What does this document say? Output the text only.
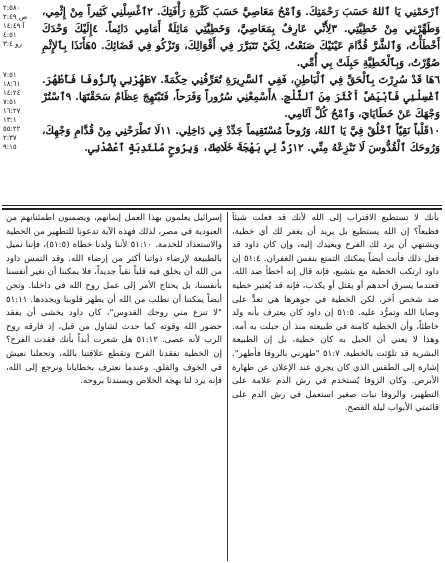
٢:٥٨٠
ص ٢:٤٩
آ ١٤:٤٩
٤:٥١
رو ٣:٤
٧:٥١
١٨:٦١
١٤:٢٤
٧:٥١
١٦:٢٧
١٣:١
٥٥:٢٢
٢:٣٧
٩:١٥

ٱرْحَمْنِي يَا ٱللهُ حَسَبَ رَحْمَتِكَ. وَٱمْحُ مَعَاصِيَّ حَسَبَ كَثْرَةِ رَأْفَتِكَ. ٢ٱغْسِلْنِي كَثِيراً مِنْ إِثْمِي، وَطَهِّرْنِي مِنْ خَطِيَّتِي. ٣لِأَنِّي عَارِفٌ بِمَعَاصِيَّ، وَخَطِيَّتِي مَائِلَةٌ أَمَامِي دَائِماً. ٤إِلَيْكَ وَحْدَكَ أَخْطَأْتُ، وَٱلشَّرَّ قُدَّامَ عَيْنَيْكَ صَنَعْتُ، لِكَيْ تَتَبَرَّرَ فِي أَقْوَالِكَ، وَتَزْكُو فِي قَضَائِكَ. ٥هَأَنَذَا بِٱلإِثْمِ صُوِّرْتُ، وَبِٱلْخَطِيَّةِ حَبِلَتْ بِي أُمِّي.

٦هَا قَدْ سُرِرْتَ بِٱلْحَقِّ فِي ٱلْبَاطِنِ، فَفِي ٱلسَّرِيرَةِ تُعَرِّفُنِي حِكْمَةً. ٧طَهِّرْنِي بِٱلزُّوفَا فَأَطْهُرَ. ٱغْسِلْنِي فَأَبْيَضَّ أَكْثَرَ مِنَ ٱلثَّلْجِ. ٨أَسْمِعْنِي سُرُوراً وَفَرَحاً، فَتَبْتَهِجَ عِظَامٌ سَحَقْتَهَا. ٩ٱسْتُرْ وَجْهَكَ عَنْ خَطَايَايَ، وَٱمْحُ كُلَّ آثَامِي.

١٠قَلْباً نَقِيّاً ٱخْلُقْ فِيَّ يَا ٱللهُ، وَرُوحاً مُسْتَقِيماً جَدِّدْ فِي دَاخِلِي. ١١لَا تَطْرَحْنِي مِنْ قُدَّامِ وَجْهِكَ، وَرُوحَكَ ٱلْقُدُّوسَ لَا تَنْزِعْهُ مِنِّي. ١٢رُدَّ لِي بَهْجَةَ خَلَاصِكَ، وَبِرُوحٍ مُنْتَدِبَةٍ ٱعْضُدْنِي.

بأنك لا تستطيع الاقتراب إلى الله لأنك قد فعلت شيئاً فظيعاً؟ إن الله يستطيع بل يريد أن يغفر لك أي خطية، ويشتهي أن يرد لك الفرح ويعيدك إليه، وإن كان داود قد فعل ذلك فأنت أيضاً يمكنك التمتع بنفس الغفران. ٥١:٤ إن داود ارتكب الخطية مع بثشبع، فإنه قال إنه أخطأ ضد الله. فعندما يسرق أحدهم أو يقتل أو يكذب، فإنه قد يُعتبر خطية ضد شخص آخر، لكن الخطية في جوهرها هي تعدٍّ على وصايا الله وتمرُّد عليه. ٥١:٥ إن داود كان يعترف بأنه ولد خاطئاً، وأن الخطية كامنة في طبيعته منذ أن حبلت به أمه. وهذا لا يعني أن الحبل به كان خطية، بل إن الطبيعة البشرية قد تلوّثت بالخطية. ٥١:٧ "طهرني بالزوفا فأطهر". إشارة إلى الطقس الذي كان يجري عند الإعلان عن طهارة الأبرص. وكان الزوفا يُستخدم في رش الدم علامة على التطهير، والزوفا نبات صغير استعمل في رش الدم على قائمتي الأبواب ليلة الفصح.

إسرائيل يعلمون بهذا العمل إيمانهم، ويضمنون اطمئنانهم من العبودية في مصر، لذلك فهذه الآية تدعونا للتطهير من الخطية والاستعداد للخدمة. ٥١:١٠ لأننا ولدنا خطاة (٥١:٥)، فإننا نميل بالطبيعة لإرضاء ذواتنا أكثر من إرضاء الله. وقد التمس داود من الله أن يخلق فيه قلباً نقياً جديداً، فلا يمكننا أن نغير أنفسنا بأنفسنا، بل يحتاج الأمر إلى عمل روح الله في داخلنا. ونحن أيضاً يمكننا أن نطلب من الله أن يطهر قلوبنا ويجددها. ٥١:١١ "لا تنزع مني روحك القدوس"، كان داود يخشى أن يفقد حضور الله وقوته كما حدث لشاول من قبل، إذ فارقه روح الرب لأنه عصى. ٥١:١٢ هل شعرت أبداً بأنك فقدت الفرح؟ إن الخطية تفقدنا الفرح وتقطع علاقتنا بالله، وتجعلنا نعيش في الخوف والقلق. وعندما نعترف بخطايانا ونرجع إلى الله، فإنه يرد لنا بهجة الخلاص ويسندنا بروحه.
